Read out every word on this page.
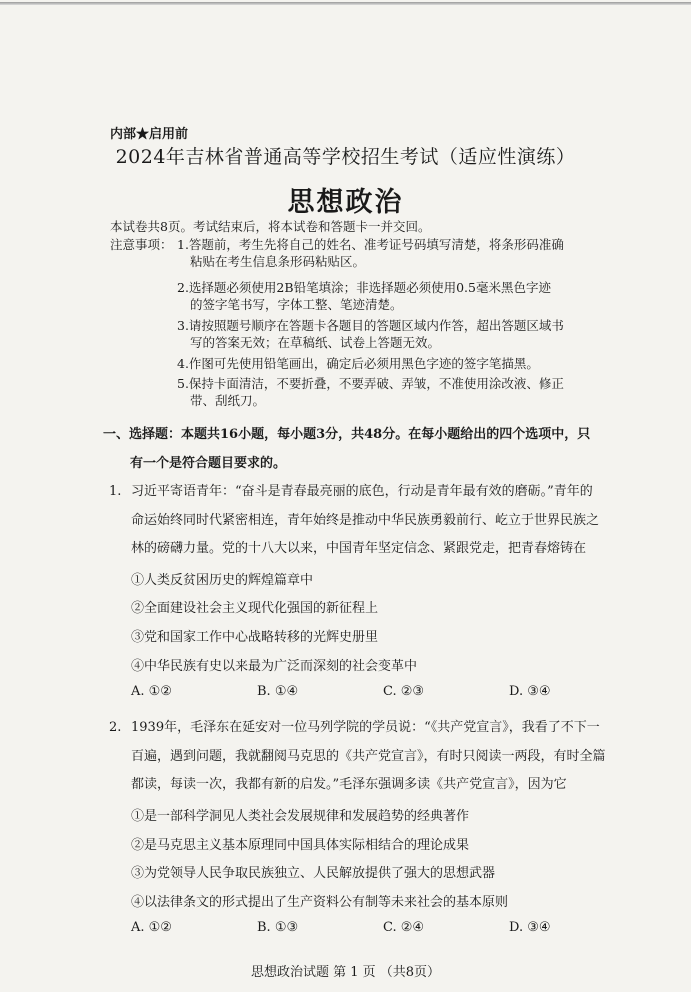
内部★启用前
2024年吉林省普通高等学校招生考试（适应性演练）
思想政治
本试卷共8页。考试结束后，将本试卷和答题卡一并交回。
注意事项： 1.答题前，考生先将自己的姓名、准考证号码填写清楚，将条形码准确
粘贴在考生信息条形码粘贴区。
2.选择题必须使用2B铅笔填涂；非选择题必须使用0.5毫米黑色字迹
的签字笔书写，字体工整、笔迹清楚。
3.请按照题号顺序在答题卡各题目的答题区域内作答，超出答题区域书
写的答案无效；在草稿纸、试卷上答题无效。
4.作图可先使用铅笔画出，确定后必须用黑色字迹的签字笔描黑。
5.保持卡面清洁，不要折叠，不要弄破、弄皱，不准使用涂改液、修正
带、刮纸刀。
一、选择题：本题共16小题，每小题3分，共48分。在每小题给出的四个选项中，只
有一个是符合题目要求的。
1. 习近平寄语青年：“奋斗是青春最亮丽的底色，行动是青年最有效的磨砺。”青年的
命运始终同时代紧密相连，青年始终是推动中华民族勇毅前行、屹立于世界民族之
林的磅礴力量。党的十八大以来，中国青年坚定信念、紧跟党走，把青春熔铸在
①人类反贫困历史的辉煌篇章中
②全面建设社会主义现代化强国的新征程上
③党和国家工作中心战略转移的光辉史册里
④中华民族有史以来最为广泛而深刻的社会变革中
A. ①②	B. ①④	C. ②③	D. ③④
2. 1939年，毛泽东在延安对一位马列学院的学员说：“《共产党宣言》，我看了不下一
百遍，遇到问题，我就翻阅马克思的《共产党宣言》，有时只阅读一两段，有时全篇
都读，每读一次，我都有新的启发。”毛泽东强调多读《共产党宣言》，因为它
①是一部科学洞见人类社会发展规律和发展趋势的经典著作
②是马克思主义基本原理同中国具体实际相结合的理论成果
③为党领导人民争取民族独立、人民解放提供了强大的思想武器
④以法律条文的形式提出了生产资料公有制等未来社会的基本原则
A. ①②	B. ①③	C. ②④	D. ③④
思想政治试题 第 1 页 （共8页）
